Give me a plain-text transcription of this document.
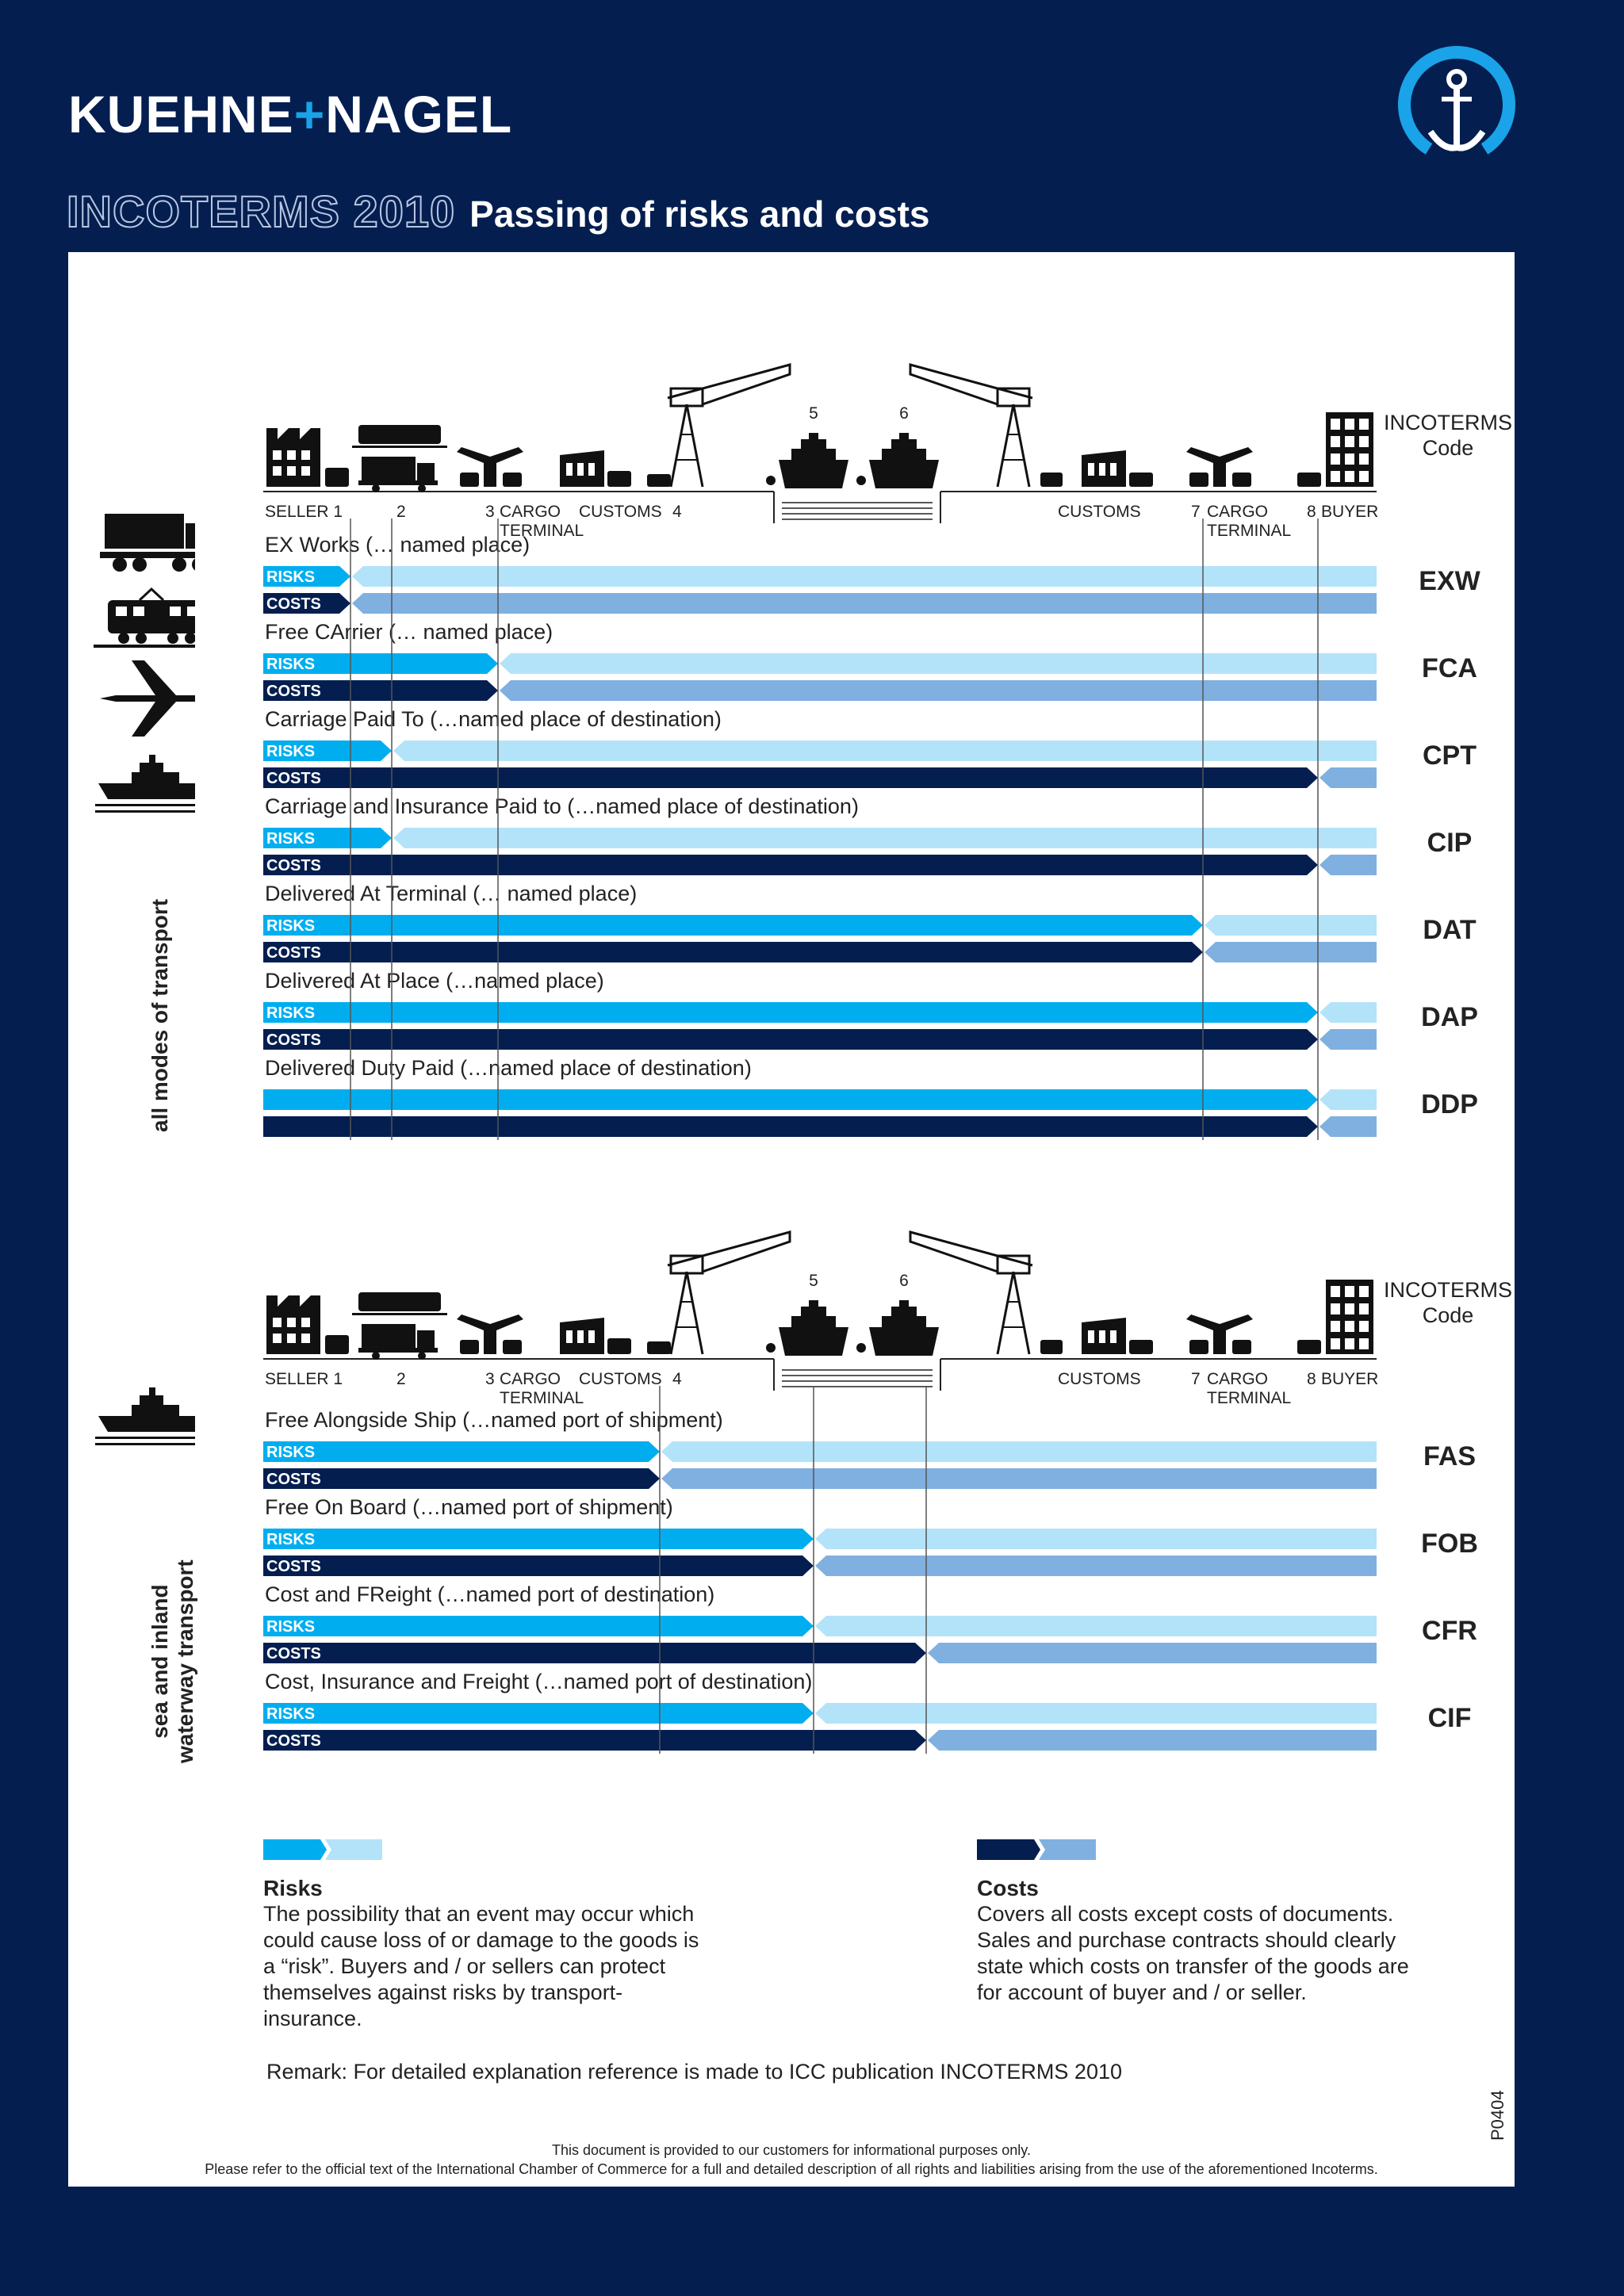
KUEHNE+NAGEL
INCOTERMS 2010 Passing of risks and costs
5	6
SELLER 1	2	3 CARGO
TERMINAL
CUSTOMS 4	CUSTOMS	7 CARGO
TERMINAL
8 BUYER
INCOTERMS
Code
EX Works (… named place)
RISKS
COSTS
EXW
Free CArrier (… named place)
RISKS
COSTS
FCA
Carriage Paid To (…named place of destination)
RISKS
COSTS
CPT
Carriage and Insurance Paid to (…named place of destination)
RISKS
COSTS
CIP
Delivered At Terminal (… named place)
RISKS
COSTS
DAT
Delivered At Place (…named place)
RISKS
COSTS
DAP
Delivered Duty Paid (…named place of destination)
DDP
5	6
SELLER 1	2	3 CARGO
TERMINAL
CUSTOMS 4	CUSTOMS	7 CARGO
TERMINAL
8 BUYER
INCOTERMS
Code
Free Alongside Ship (…named port of shipment)
RISKS
COSTS
FAS
Free On Board (…named port of shipment)
RISKS
COSTS
FOB
Cost and FReight (…named port of destination)
RISKS
COSTS
CFR
Cost, Insurance and Freight (…named port of destination)
RISKS
COSTS
CIF
all modes of transport
sea and inland
waterway transport
Risks
The possibility that an event may occur which could cause loss of or damage to the goods is a “risk”. Buyers and / or sellers can protect themselves against risks by transport-insurance.
Costs
Covers all costs except costs of documents. Sales and purchase contracts should clearly state which costs on transfer of the goods are for account of buyer and / or seller.
Remark: For detailed explanation reference is made to ICC publication INCOTERMS 2010
This document is provided to our customers for informational purposes only.
Please refer to the official text of the International Chamber of Commerce for a full and detailed description of all rights and liabilities arising from the use of the aforementioned Incoterms.
P0404
